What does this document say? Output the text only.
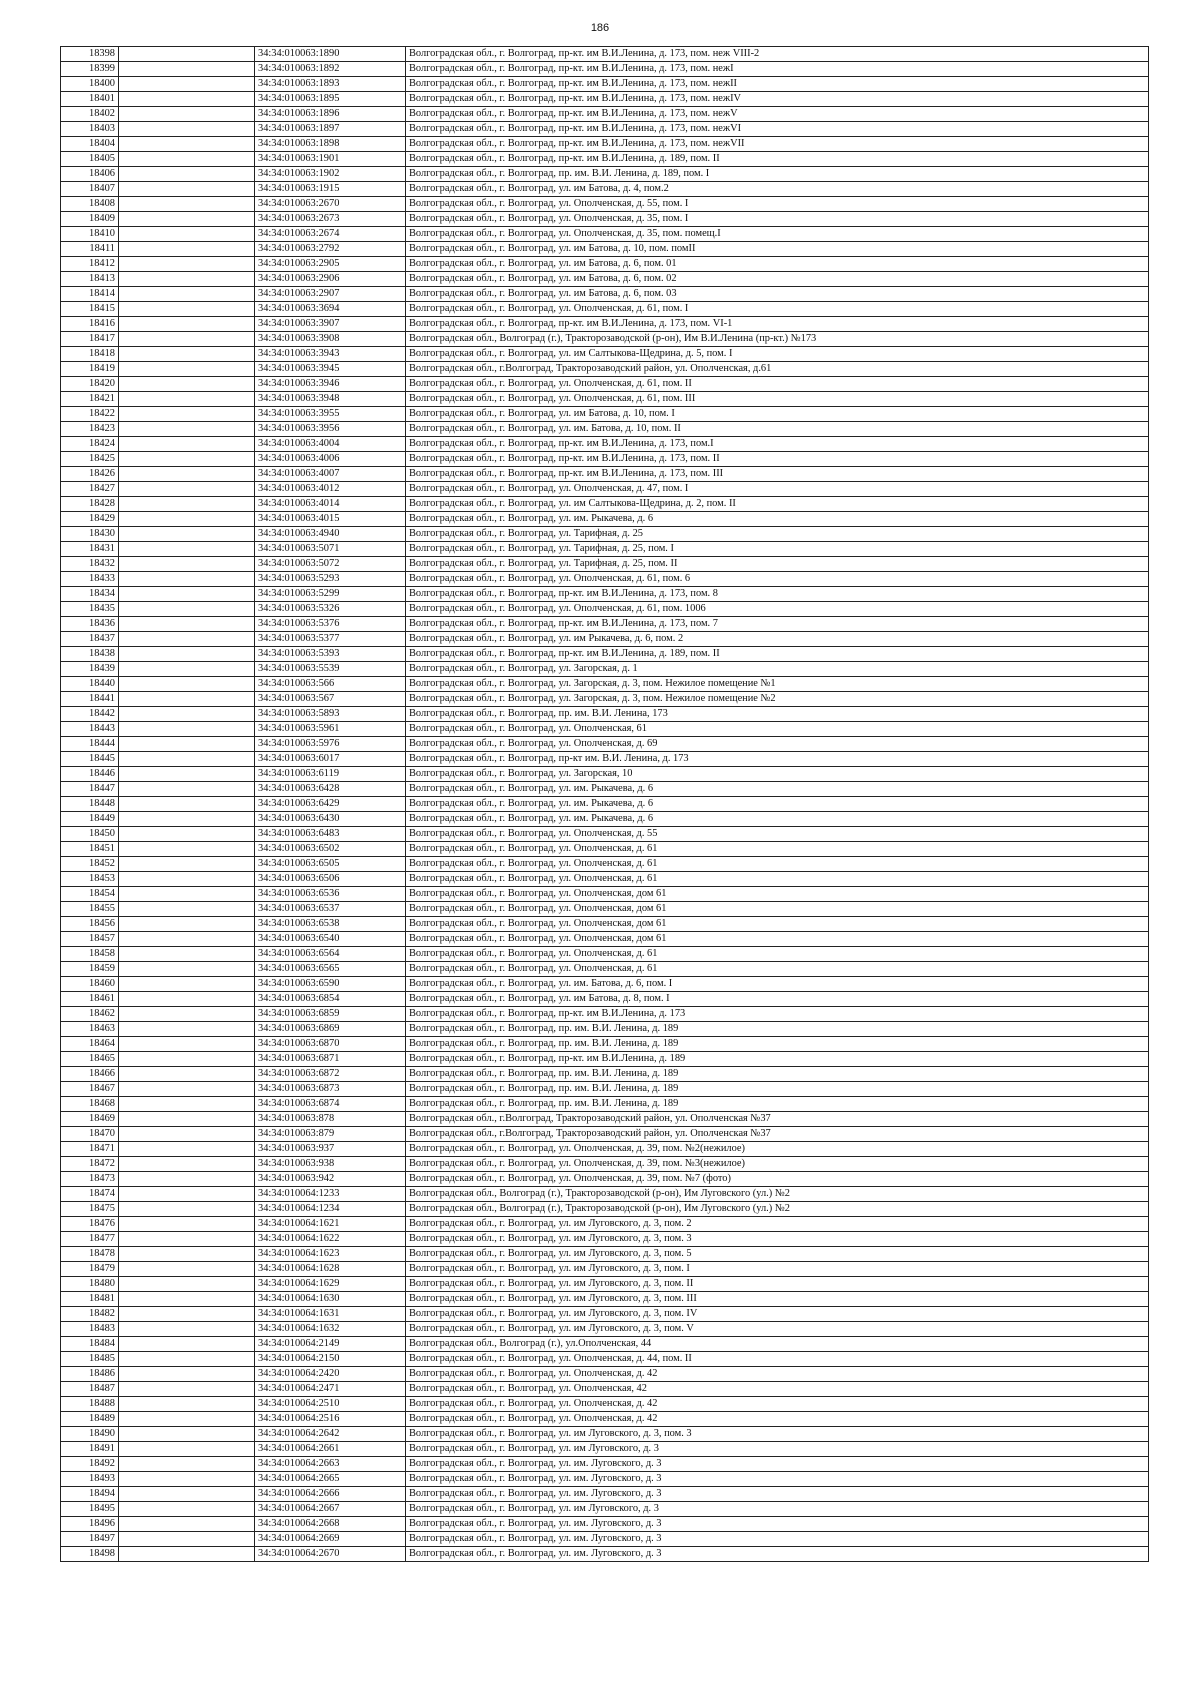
186
18398		34:34:010063:1890	Волгоградская обл., г. Волгоград, пр-кт. им В.И.Ленина, д. 173, пом. неж VIII-2
18399		34:34:010063:1892	Волгоградская обл., г. Волгоград, пр-кт. им В.И.Ленина, д. 173, пом. нежI
18400		34:34:010063:1893	Волгоградская обл., г. Волгоград, пр-кт. им В.И.Ленина, д. 173, пом. нежII
18401		34:34:010063:1895	Волгоградская обл., г. Волгоград, пр-кт. им В.И.Ленина, д. 173, пом. нежIV
18402		34:34:010063:1896	Волгоградская обл., г. Волгоград, пр-кт. им В.И.Ленина, д. 173, пом. нежV
18403		34:34:010063:1897	Волгоградская обл., г. Волгоград, пр-кт. им В.И.Ленина, д. 173, пом. нежVI
18404		34:34:010063:1898	Волгоградская обл., г. Волгоград, пр-кт. им В.И.Ленина, д. 173, пом. нежVII
18405		34:34:010063:1901	Волгоградская обл., г. Волгоград, пр-кт. им В.И.Ленина, д. 189, пом. II
18406		34:34:010063:1902	Волгоградская обл., г. Волгоград, пр. им. В.И. Ленина, д. 189, пом. I
18407		34:34:010063:1915	Волгоградская обл., г. Волгоград, ул. им Батова, д. 4, пом.2
18408		34:34:010063:2670	Волгоградская обл., г. Волгоград, ул. Ополченская, д. 55, пом. I
18409		34:34:010063:2673	Волгоградская обл., г. Волгоград, ул. Ополченская, д. 35, пом. I
18410		34:34:010063:2674	Волгоградская обл., г. Волгоград, ул. Ополченская, д. 35, пом. помещ.I
18411		34:34:010063:2792	Волгоградская обл., г. Волгоград, ул. им Батова, д. 10, пом. помII
18412		34:34:010063:2905	Волгоградская обл., г. Волгоград, ул. им Батова, д. 6, пом. 01
18413		34:34:010063:2906	Волгоградская обл., г. Волгоград, ул. им Батова, д. 6, пом. 02
18414		34:34:010063:2907	Волгоградская обл., г. Волгоград, ул. им Батова, д. 6, пом. 03
18415		34:34:010063:3694	Волгоградская обл., г. Волгоград, ул. Ополченская, д. 61, пом. I
18416		34:34:010063:3907	Волгоградская обл., г. Волгоград, пр-кт. им В.И.Ленина, д. 173, пом. VI-1
18417		34:34:010063:3908	Волгоградская обл., Волгоград (г.), Тракторозаводской (р-он), Им В.И.Ленина (пр-кт.) №173
18418		34:34:010063:3943	Волгоградская обл., г. Волгоград, ул. им Салтыкова-Щедрина, д. 5, пом. I
18419		34:34:010063:3945	Волгоградская обл., г.Волгоград, Тракторозаводский район, ул. Ополченская, д.61
18420		34:34:010063:3946	Волгоградская обл., г. Волгоград, ул. Ополченская, д. 61, пом. II
18421		34:34:010063:3948	Волгоградская обл., г. Волгоград, ул. Ополченская, д. 61, пом. III
18422		34:34:010063:3955	Волгоградская обл., г. Волгоград, ул. им Батова, д. 10, пом. I
18423		34:34:010063:3956	Волгоградская обл., г. Волгоград, ул. им. Батова, д. 10, пом. II
18424		34:34:010063:4004	Волгоградская обл., г. Волгоград, пр-кт. им В.И.Ленина, д. 173, пом.I
18425		34:34:010063:4006	Волгоградская обл., г. Волгоград, пр-кт. им В.И.Ленина, д. 173, пом. II
18426		34:34:010063:4007	Волгоградская обл., г. Волгоград, пр-кт. им В.И.Ленина, д. 173, пом. III
18427		34:34:010063:4012	Волгоградская обл., г. Волгоград, ул. Ополченская, д. 47, пом. I
18428		34:34:010063:4014	Волгоградская обл., г. Волгоград, ул. им Салтыкова-Щедрина, д. 2, пом. II
18429		34:34:010063:4015	Волгоградская обл., г. Волгоград, ул. им. Рыкачева, д. 6
18430		34:34:010063:4940	Волгоградская обл., г. Волгоград, ул. Тарифная, д. 25
18431		34:34:010063:5071	Волгоградская обл., г. Волгоград, ул. Тарифная, д. 25, пом. I
18432		34:34:010063:5072	Волгоградская обл., г. Волгоград, ул. Тарифная, д. 25, пом. II
18433		34:34:010063:5293	Волгоградская обл., г. Волгоград, ул. Ополченская, д. 61, пом. 6
18434		34:34:010063:5299	Волгоградская обл., г. Волгоград, пр-кт. им В.И.Ленина, д. 173, пом. 8
18435		34:34:010063:5326	Волгоградская обл., г. Волгоград, ул. Ополченская, д. 61, пом. 1006
18436		34:34:010063:5376	Волгоградская обл., г. Волгоград, пр-кт. им В.И.Ленина, д. 173, пом. 7
18437		34:34:010063:5377	Волгоградская обл., г. Волгоград, ул. им Рыкачева, д. 6, пом. 2
18438		34:34:010063:5393	Волгоградская обл., г. Волгоград, пр-кт. им В.И.Ленина, д. 189, пом. II
18439		34:34:010063:5539	Волгоградская обл., г. Волгоград, ул. Загорская, д. 1
18440		34:34:010063:566	Волгоградская обл., г. Волгоград, ул. Загорская, д. 3, пом. Нежилое помещение №1
18441		34:34:010063:567	Волгоградская обл., г. Волгоград, ул. Загорская, д. 3, пом. Нежилое помещение №2
18442		34:34:010063:5893	Волгоградская обл., г. Волгоград, пр. им. В.И. Ленина, 173
18443		34:34:010063:5961	Волгоградская обл., г. Волгоград, ул. Ополченская, 61
18444		34:34:010063:5976	Волгоградская обл., г. Волгоград, ул. Ополченская, д. 69
18445		34:34:010063:6017	Волгоградская обл., г. Волгоград, пр-кт им. В.И. Ленина, д. 173
18446		34:34:010063:6119	Волгоградская обл., г. Волгоград, ул. Загорская, 10
18447		34:34:010063:6428	Волгоградская обл., г. Волгоград, ул. им. Рыкачева, д. 6
18448		34:34:010063:6429	Волгоградская обл., г. Волгоград, ул. им. Рыкачева, д. 6
18449		34:34:010063:6430	Волгоградская обл., г. Волгоград, ул. им. Рыкачева, д. 6
18450		34:34:010063:6483	Волгоградская обл., г. Волгоград, ул. Ополченская, д. 55
18451		34:34:010063:6502	Волгоградская обл., г. Волгоград, ул. Ополченская, д. 61
18452		34:34:010063:6505	Волгоградская обл., г. Волгоград, ул. Ополченская, д. 61
18453		34:34:010063:6506	Волгоградская обл., г. Волгоград, ул. Ополченская, д. 61
18454		34:34:010063:6536	Волгоградская обл., г. Волгоград, ул. Ополченская, дом 61
18455		34:34:010063:6537	Волгоградская обл., г. Волгоград, ул. Ополченская, дом 61
18456		34:34:010063:6538	Волгоградская обл., г. Волгоград, ул. Ополченская, дом 61
18457		34:34:010063:6540	Волгоградская обл., г. Волгоград, ул. Ополченская, дом 61
18458		34:34:010063:6564	Волгоградская обл., г. Волгоград, ул. Ополченская, д. 61
18459		34:34:010063:6565	Волгоградская обл., г. Волгоград, ул. Ополченская, д. 61
18460		34:34:010063:6590	Волгоградская обл., г. Волгоград, ул. им. Батова, д. 6, пом. I
18461		34:34:010063:6854	Волгоградская обл., г. Волгоград, ул. им Батова, д. 8, пом. I
18462		34:34:010063:6859	Волгоградская обл., г. Волгоград, пр-кт. им В.И.Ленина, д. 173
18463		34:34:010063:6869	Волгоградская обл., г. Волгоград, пр. им. В.И. Ленина, д. 189
18464		34:34:010063:6870	Волгоградская обл., г. Волгоград, пр. им. В.И. Ленина, д. 189
18465		34:34:010063:6871	Волгоградская обл., г. Волгоград, пр-кт. им В.И.Ленина, д. 189
18466		34:34:010063:6872	Волгоградская обл., г. Волгоград, пр. им. В.И. Ленина, д. 189
18467		34:34:010063:6873	Волгоградская обл., г. Волгоград, пр. им. В.И. Ленина, д. 189
18468		34:34:010063:6874	Волгоградская обл., г. Волгоград, пр. им. В.И. Ленина, д. 189
18469		34:34:010063:878	Волгоградская обл., г.Волгоград, Тракторозаводский район, ул. Ополченская №37
18470		34:34:010063:879	Волгоградская обл., г.Волгоград, Тракторозаводский район, ул. Ополченская №37
18471		34:34:010063:937	Волгоградская обл., г. Волгоград, ул. Ополченская, д. 39, пом. №2(нежилое)
18472		34:34:010063:938	Волгоградская обл., г. Волгоград, ул. Ополченская, д. 39, пом. №3(нежилое)
18473		34:34:010063:942	Волгоградская обл., г. Волгоград, ул. Ополченская, д. 39, пом. №7 (фото)
18474		34:34:010064:1233	Волгоградская обл., Волгоград (г.), Тракторозаводской (р-он), Им Луговского (ул.) №2
18475		34:34:010064:1234	Волгоградская обл., Волгоград (г.), Тракторозаводской (р-он), Им Луговского (ул.) №2
18476		34:34:010064:1621	Волгоградская обл., г. Волгоград, ул. им Луговского, д. 3, пом. 2
18477		34:34:010064:1622	Волгоградская обл., г. Волгоград, ул. им Луговского, д. 3, пом. 3
18478		34:34:010064:1623	Волгоградская обл., г. Волгоград, ул. им Луговского, д. 3, пом. 5
18479		34:34:010064:1628	Волгоградская обл., г. Волгоград, ул. им Луговского, д. 3, пом. I
18480		34:34:010064:1629	Волгоградская обл., г. Волгоград, ул. им Луговского, д. 3, пом. II
18481		34:34:010064:1630	Волгоградская обл., г. Волгоград, ул. им Луговского, д. 3, пом. III
18482		34:34:010064:1631	Волгоградская обл., г. Волгоград, ул. им Луговского, д. 3, пом. IV
18483		34:34:010064:1632	Волгоградская обл., г. Волгоград, ул. им Луговского, д. 3, пом. V
18484		34:34:010064:2149	Волгоградская обл., Волгоград (г.), ул.Ополченская, 44
18485		34:34:010064:2150	Волгоградская обл., г. Волгоград, ул. Ополченская, д. 44, пом. II
18486		34:34:010064:2420	Волгоградская обл., г. Волгоград, ул. Ополченская, д. 42
18487		34:34:010064:2471	Волгоградская обл., г. Волгоград, ул. Ополченская, 42
18488		34:34:010064:2510	Волгоградская обл., г. Волгоград, ул. Ополченская, д. 42
18489		34:34:010064:2516	Волгоградская обл., г. Волгоград, ул. Ополченская, д. 42
18490		34:34:010064:2642	Волгоградская обл., г. Волгоград, ул. им Луговского, д. 3, пом. 3
18491		34:34:010064:2661	Волгоградская обл., г. Волгоград, ул. им Луговского, д. 3
18492		34:34:010064:2663	Волгоградская обл., г. Волгоград, ул. им. Луговского, д. 3
18493		34:34:010064:2665	Волгоградская обл., г. Волгоград, ул. им. Луговского, д. 3
18494		34:34:010064:2666	Волгоградская обл., г. Волгоград, ул. им. Луговского, д. 3
18495		34:34:010064:2667	Волгоградская обл., г. Волгоград, ул. им Луговского, д. 3
18496		34:34:010064:2668	Волгоградская обл., г. Волгоград, ул. им. Луговского, д. 3
18497		34:34:010064:2669	Волгоградская обл., г. Волгоград, ул. им. Луговского, д. 3
18498		34:34:010064:2670	Волгоградская обл., г. Волгоград, ул. им. Луговского, д. 3
